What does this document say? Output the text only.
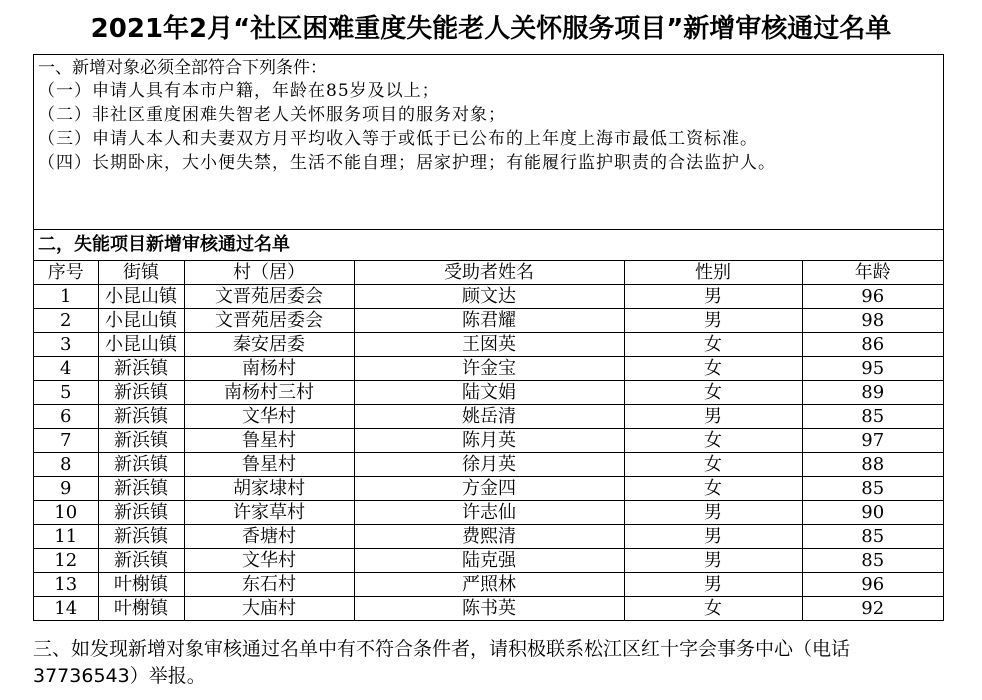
2021年2月“社区困难重度失能老人关怀服务项目”新增审核通过名单
一、新增对象必须全部符合下列条件：
（一）申请人具有本市户籍，年龄在85岁及以上；
（二）非社区重度困难失智老人关怀服务项目的服务对象；
（三）申请人本人和夫妻双方月平均收入等于或低于已公布的上年度上海市最低工资标准。
（四）长期卧床，大小便失禁，生活不能自理；居家护理；有能履行监护职责的合法监护人。
二，失能项目新增审核通过名单
序号	街镇	村（居）	受助者姓名	性别	年龄
1	小昆山镇	文晋苑居委会	顾文达	男	96
2	小昆山镇	文晋苑居委会	陈君耀	男	98
3	小昆山镇	秦安居委	王囡英	女	86
4	新浜镇	南杨村	许金宝	女	95
5	新浜镇	南杨村三村	陆文娟	女	89
6	新浜镇	文华村	姚岳清	男	85
7	新浜镇	鲁星村	陈月英	女	97
8	新浜镇	鲁星村	徐月英	女	88
9	新浜镇	胡家埭村	方金四	女	85
10	新浜镇	许家草村	许志仙	男	90
11	新浜镇	香塘村	费熙清	男	85
12	新浜镇	文华村	陆克强	男	85
13	叶榭镇	东石村	严照林	男	96
14	叶榭镇	大庙村	陈书英	女	92
三、如发现新增对象审核通过名单中有不符合条件者，请积极联系松江区红十字会事务中心（电话37736543）举报。
